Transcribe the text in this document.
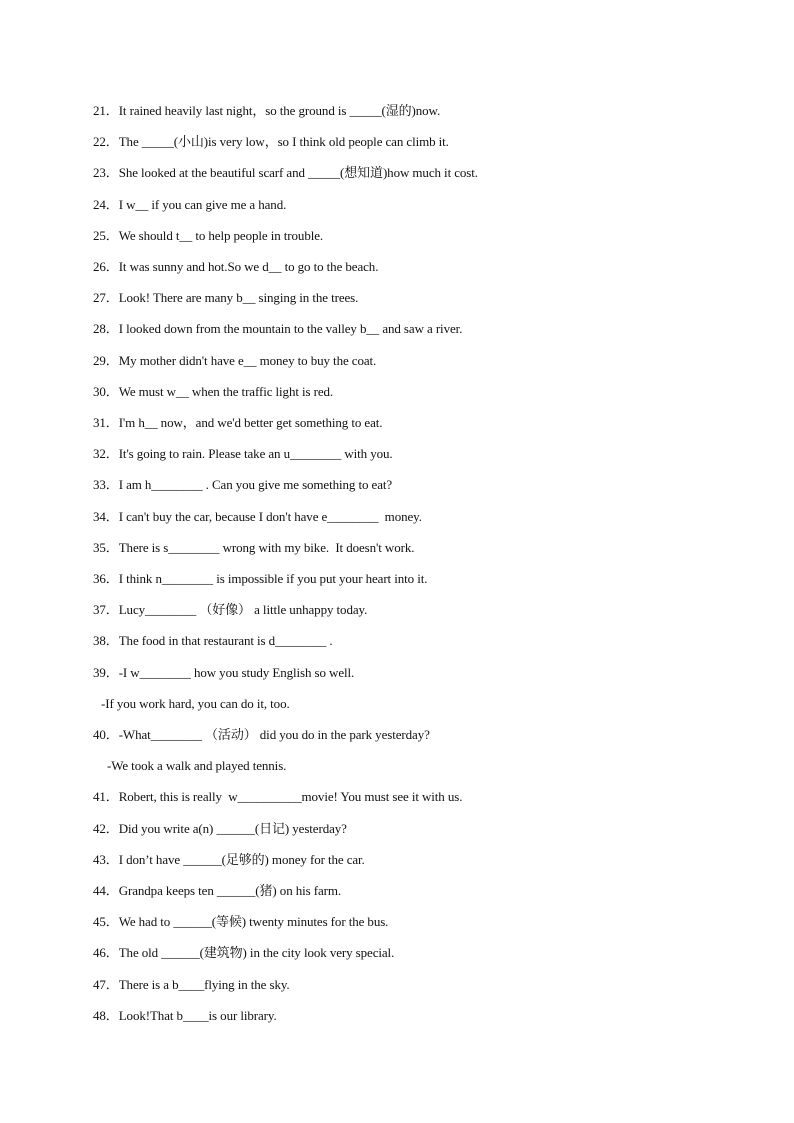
21．It rained heavily last night，so the ground is _____(湿的)now.
22．The _____(小山)is very low，so I think old people can climb it.
23．She looked at the beautiful scarf and _____(想知道)how much it cost.
24．I w__ if you can give me a hand.
25．We should t__ to help people in trouble.
26．It was sunny and hot.So we d__ to go to the beach.
27．Look! There are many b__ singing in the trees.
28．I looked down from the mountain to the valley b__ and saw a river.
29．My mother didn't have e__ money to buy the coat.
30．We must w__ when the traffic light is red.
31．I'm h__ now，and we'd better get something to eat.
32．It's going to rain. Please take an u________ with you.
33．I am h________ . Can you give me something to eat?
34．I can't buy the car, because I don't have e________  money.
35．There is s________ wrong with my bike.  It doesn't work.
36．I think n________ is impossible if you put your heart into it.
37．Lucy________ （好像） a little unhappy today.
38．The food in that restaurant is d________ .
39．-I w________ how you study English so well.
-If you work hard, you can do it, too.
40．-What________ （活动） did you do in the park yesterday?
-We took a walk and played tennis.
41．Robert, this is really  w__________movie! You must see it with us.
42．Did you write a(n) ______(日记) yesterday?
43．I don’t have ______(足够的) money for the car.
44．Grandpa keeps ten ______(猪) on his farm.
45．We had to ______(等候) twenty minutes for the bus.
46．The old ______(建筑物) in the city look very special.
47．There is a b____flying in the sky.
48．Look!That b____is our library.
